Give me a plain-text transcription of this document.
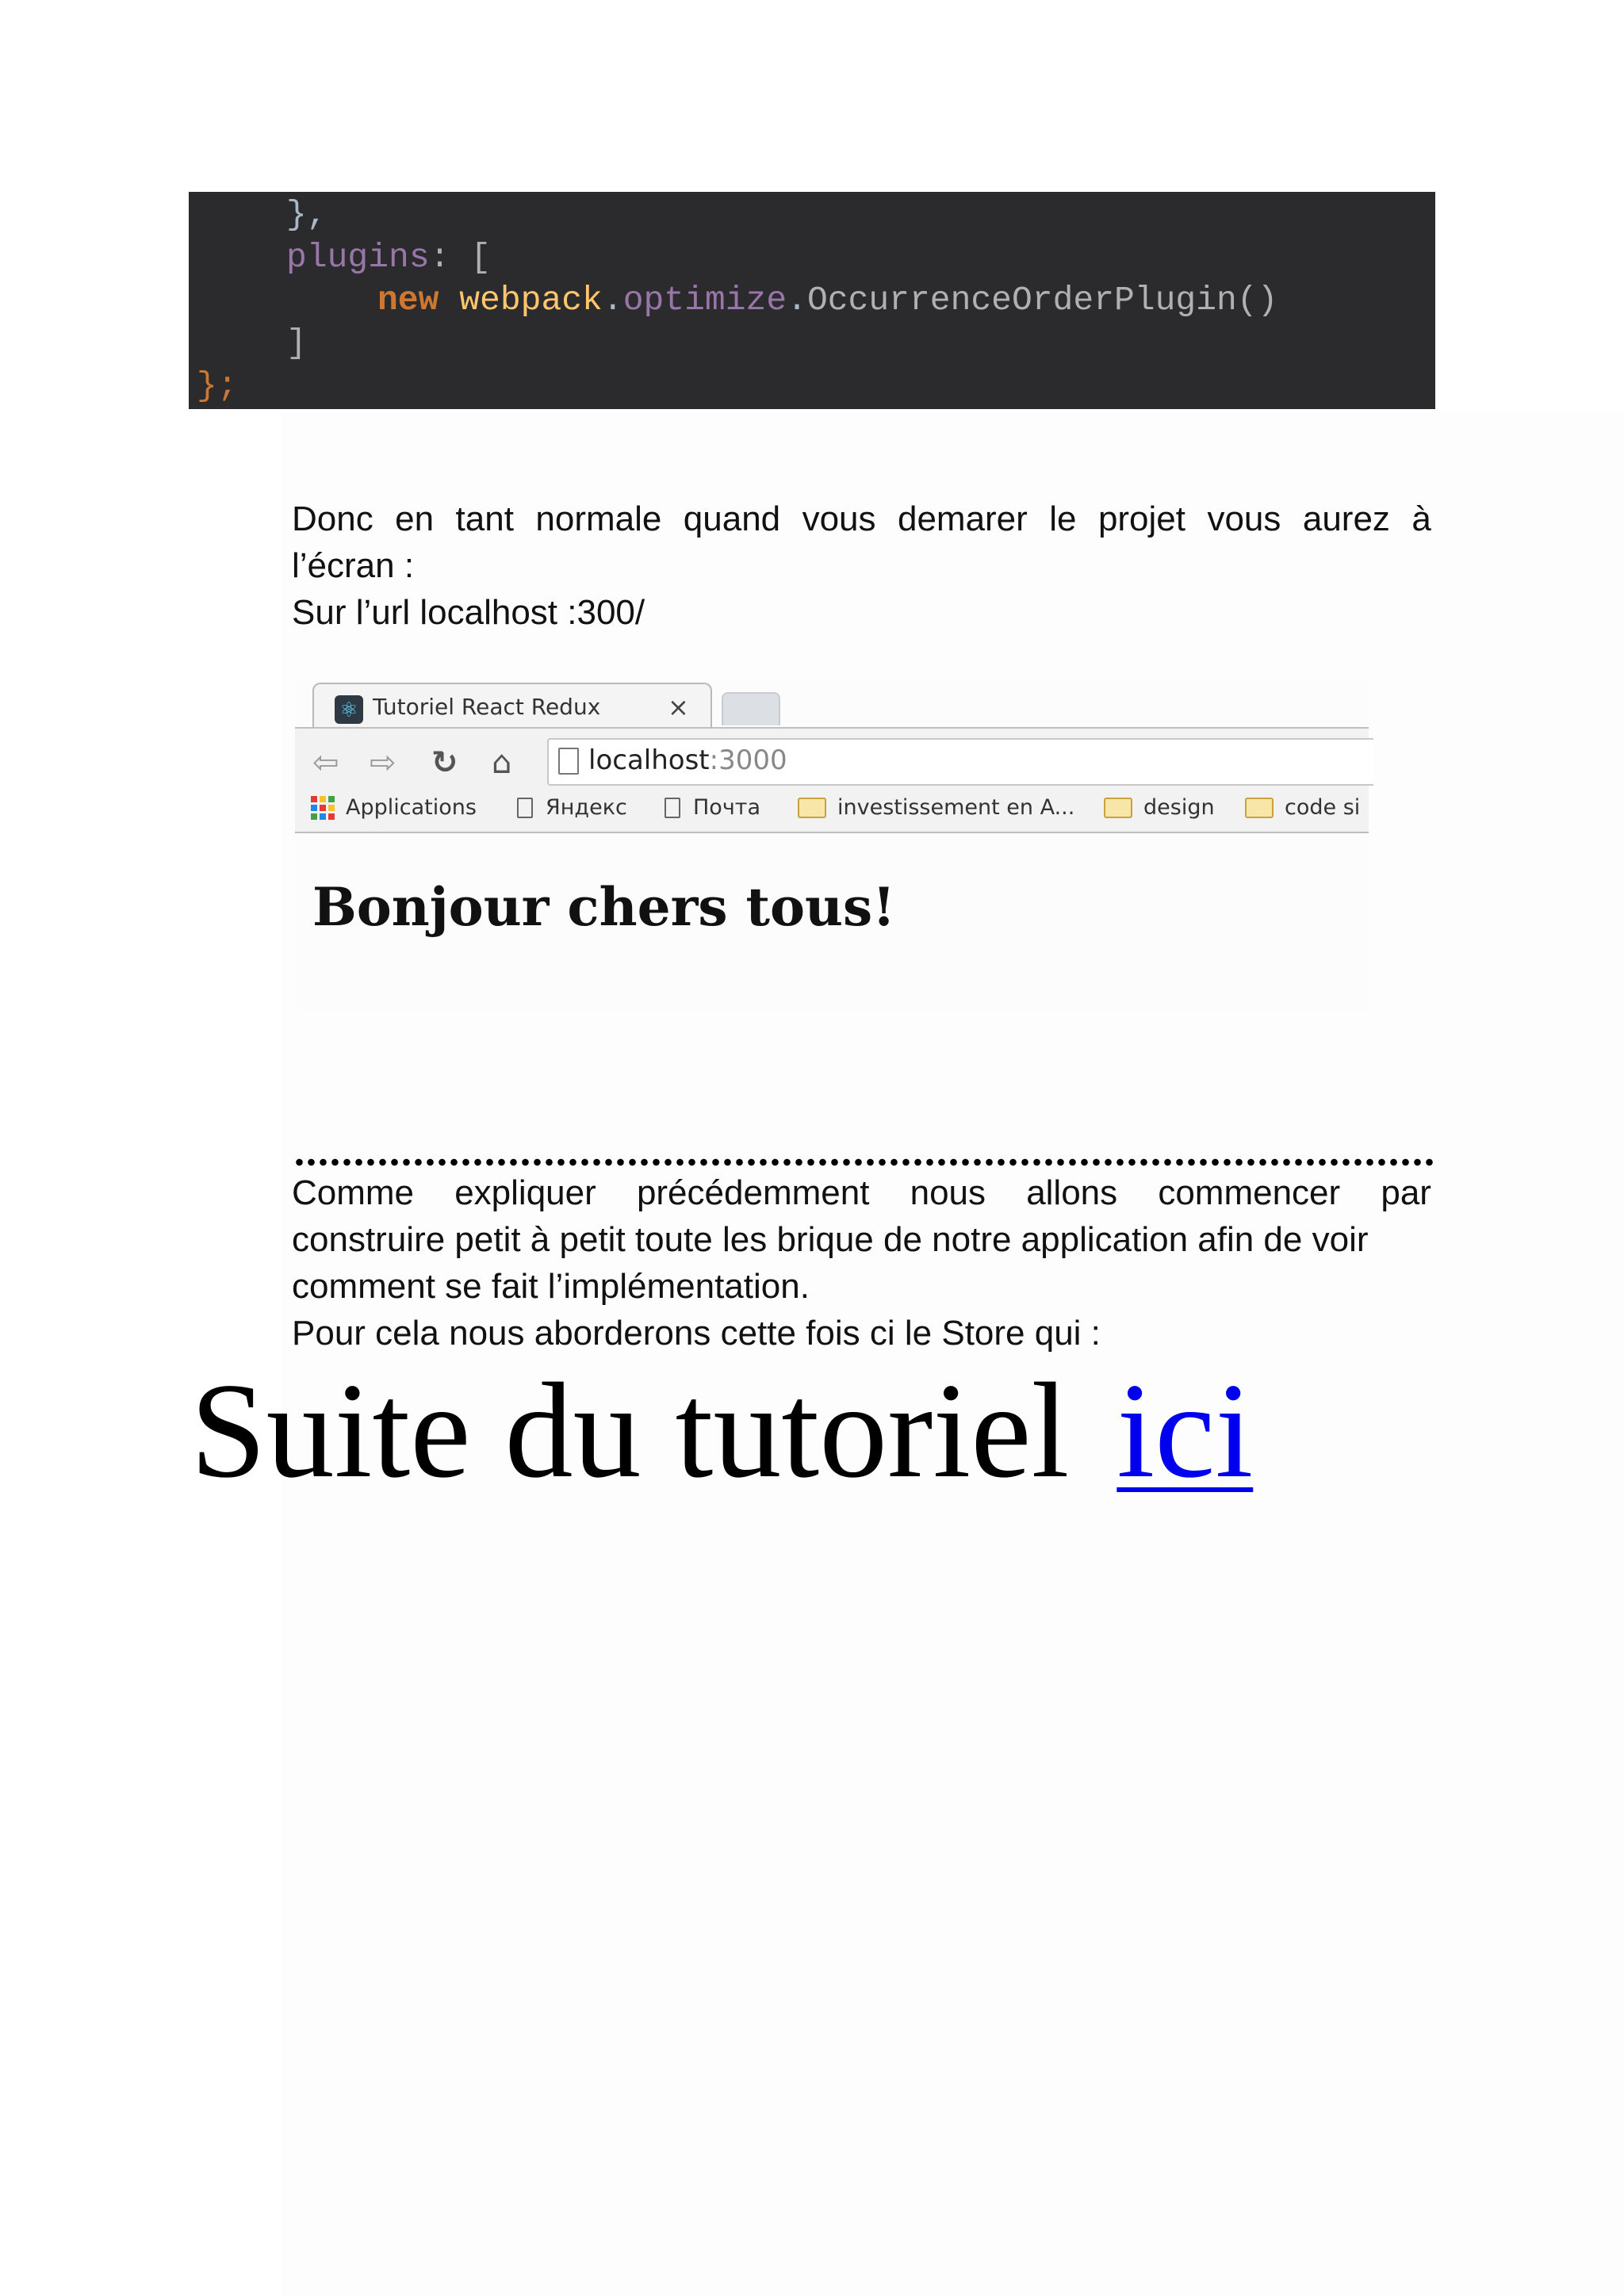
},
plugins: [
new webpack.optimize.OccurrenceOrderPlugin()
]
};
Donc en tant normale quand vous demarer le projet vous aurez à
l’écran :
Sur l’url localhost :300/
⚛ Tutoriel React Redux	×
⇦ ⇨ ↻ ⌂	localhost:3000
Applications	Яндекс	Почта	investissement en A...	design	code si
Bonjour chers tous!
Comme expliquer précédemment nous allons commencer par
construire petit à petit toute les brique de notre application afin de voir
comment se fait l’implémentation.
Pour cela nous aborderons cette fois ci le Store qui :
Suite du tutoriel ici
